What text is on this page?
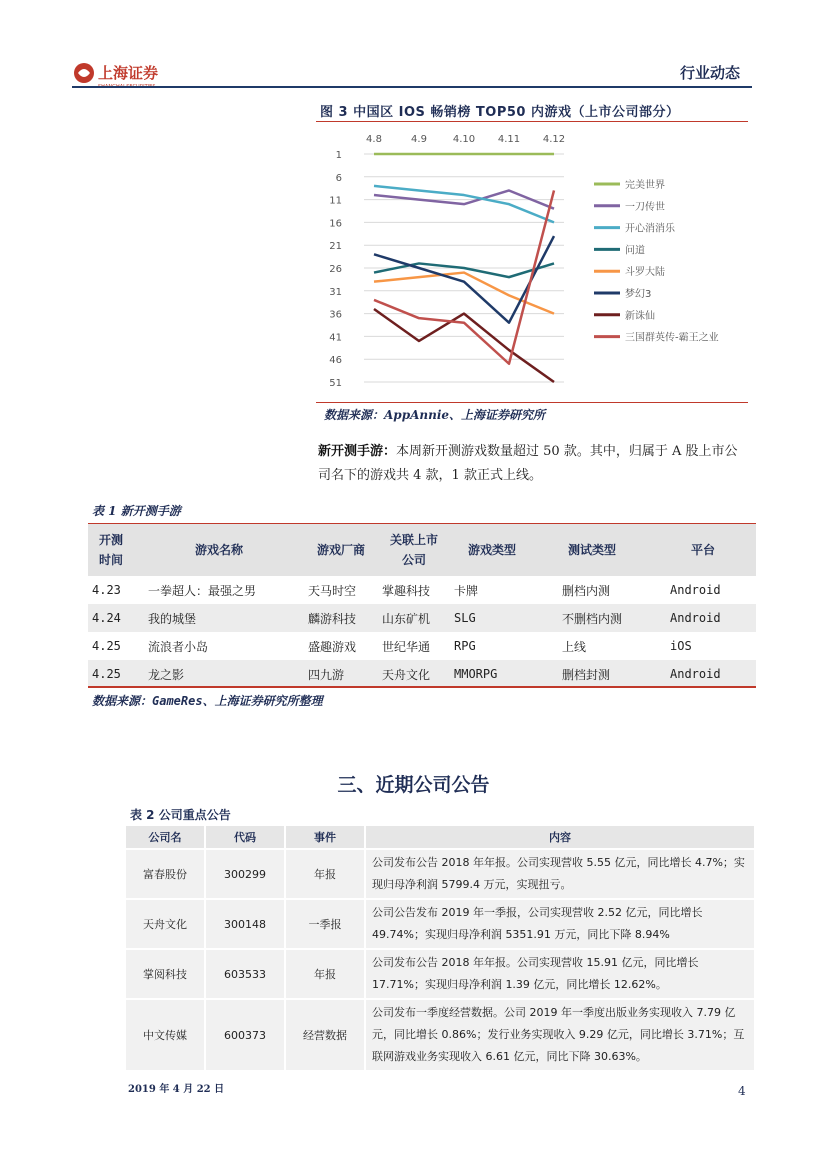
上海证券	行业动态
图 3 中国区 IOS 畅销榜 TOP50 内游戏（上市公司部分）
1
6
11
16
21
26
31
36
41
46
51
4.8	4.9	4.10 4.11 4.12
完美世界
一刀传世
开心消消乐
问道
斗罗大陆
梦幻3
新诛仙
三国群英传-霸王之业
数据来源：AppAnnie、上海证券研究所
新开测手游：本周新开测游戏数量超过 50 款。其中，归属于 A 股上市公司名下的游戏共 4 款，1 款正式上线。
表 1 新开测手游
开测时间	游戏名称	游戏厂商	关联上市公司	游戏类型	测试类型	平台
4.23	一拳超人：最强之男	天马时空	掌趣科技	卡牌	删档内测	Android
4.24	我的城堡	麟游科技	山东矿机	SLG	不删档内测	Android
4.25	流浪者小岛	盛趣游戏	世纪华通	RPG	上线	iOS
4.25	龙之影	四九游	天舟文化	MMORPG	删档封测	Android
数据来源：GameRes、上海证券研究所整理
三、近期公司公告
表 2 公司重点公告
公司名	代码	事件	内容
富春股份	300299	年报	公司发布公告 2018 年年报。公司实现营收 5.55 亿元，同比增长 4.7%；实现归母净利润 5799.4 万元，实现扭亏。
天舟文化	300148	一季报	公司公告发布 2019 年一季报，公司实现营收 2.52 亿元，同比增长 49.74%；实现归母净利润 5351.91 万元，同比下降 8.94%
掌阅科技	603533	年报	公司发布公告 2018 年年报。公司实现营收 15.91 亿元，同比增长 17.71%；实现归母净利润 1.39 亿元，同比增长 12.62%。
中文传媒	600373	经营数据	公司发布一季度经营数据。公司 2019 年一季度出版业务实现收入 7.79 亿元，同比增长 0.86%；发行业务实现收入 9.29 亿元，同比增长 3.71%；互联网游戏业务实现收入 6.61 亿元，同比下降 30.63%。
2019 年 4 月 22 日	4
